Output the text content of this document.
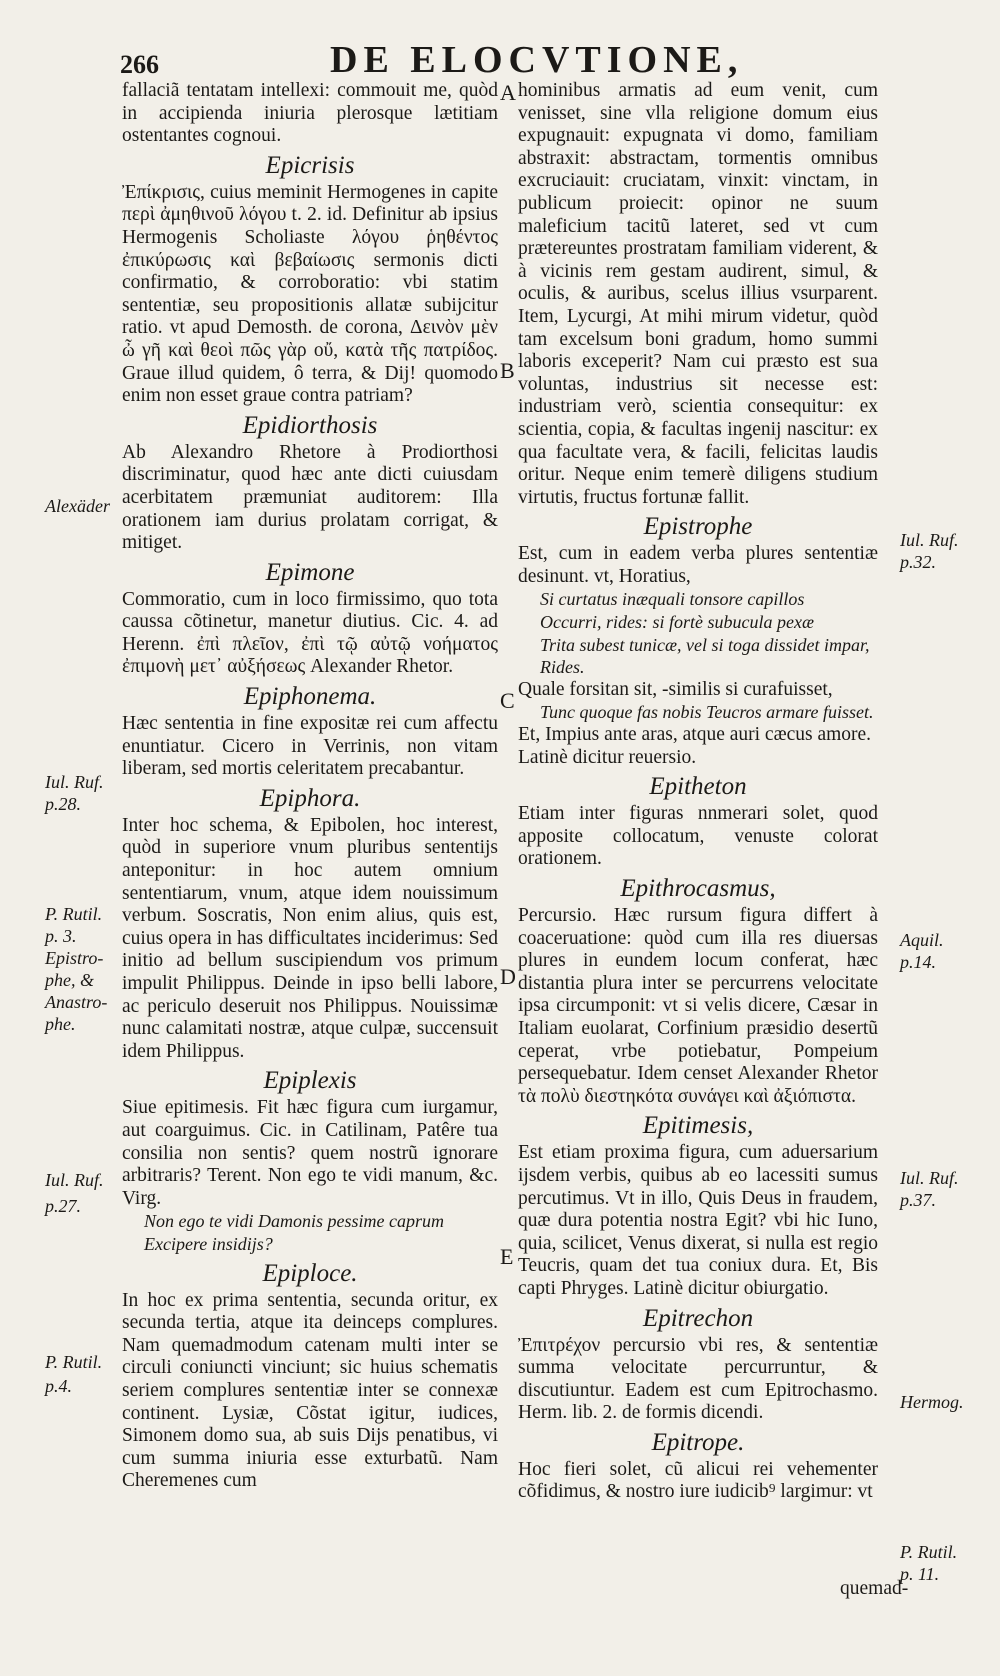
266	DE ELOCVTIONE,

fallaciã tentatam intellexi: commouit me, quòd in accipienda iniuria plerosque lætitiam ostentantes cognoui.

Epicrisis

Ἐπίκρισις, cuius meminit Hermogenes in capite περὶ ἀμηθινοῦ λόγου t. 2. id. Definitur ab ipsius Hermogenis Scholiaste λόγου ῥηθέντος ἐπικύρωσις καὶ βεβαίωσις sermonis dicti confirmatio, & corroboratio: vbi statim sententiæ, seu propositionis allatæ subijcitur ratio. vt apud Demosth. de corona, Δεινὸν μὲν ὦ γῆ καὶ θεοὶ πῶς γὰρ οὔ, κατὰ τῆς πατρίδος. Graue illud quidem, ô terra, & Dij! quomodo enim non esset graue contra patriam?

Epidiorthosis

Ab Alexandro Rhetore à Prodiorthosi discriminatur, quod hæc ante dicti cuiusdam acerbitatem præmuniat auditorem: Illa orationem iam durius prolatam corrigat, & mitiget.

Epimone

Commoratio, cum in loco firmissimo, quo tota caussa cõtinetur, manetur diutius. Cic. 4. ad Herenn. ἐπὶ πλεῖον, ἐπὶ τῷ αὐτῷ νοήματος ἐπιμονὴ μετ᾽ αὐξήσεως Alexander Rhetor.

Epiphonema.

Hæc sententia in fine expositæ rei cum affectu enuntiatur. Cicero in Verrinis, non vitam liberam, sed mortis celeritatem precabantur.

Epiphora.

Inter hoc schema, & Epibolen, hoc interest, quòd in superiore vnum pluribus sententijs anteponitur: in hoc autem omnium sententiarum, vnum, atque idem nouissimum verbum. Soscratis, Non enim alius, quis est, cuius opera in has difficultates inciderimus: Sed initio ad bellum suscipiendum vos primum impulit Philippus. Deinde in ipso belli labore, ac periculo deseruit nos Philippus. Nouissimæ nunc calamitati nostræ, atque culpæ, succensuit idem Philippus.

Epiplexis

Siue epitimesis. Fit hæc figura cum iurgamur, aut coarguimus. Cic. in Catilinam, Patêre tua consilia non sentis? quem nostrũ ignorare arbitraris? Terent. Non ego te vidi manum, &c. Virg.

Non ego te vidi Damonis pessime caprum

Excipere insidijs?

Epiploce.

In hoc ex prima sententia, secunda oritur, ex secunda tertia, atque ita deinceps complures. Nam quemadmodum catenam multi inter se circuli coniuncti vinciunt; sic huius schematis seriem complures sententiæ inter se connexæ continent. Lysiæ, Cõstat igitur, iudices, Simonem domo sua, ab suis Dijs penatibus, vi cum summa iniuria esse exturbatũ. Nam Cheremenes cum

hominibus armatis ad eum venit, cum venisset, sine vlla religione domum eius expugnauit: expugnata vi domo, familiam abstraxit: abstractam, tormentis omnibus excruciauit: cruciatam, vinxit: vinctam, in publicum proiecit: opinor ne suum maleficium tacitũ lateret, sed vt cum prætereuntes prostratam familiam viderent, & à vicinis rem gestam audirent, simul, & oculis, & auribus, scelus illius vsurparent. Item, Lycurgi, At mihi mirum videtur, quòd tam excelsum boni gradum, homo summi laboris exceperit? Nam cui præsto est sua voluntas, industrius sit necesse est: industriam verò, scientia consequitur: ex scientia, copia, & facultas ingenij nascitur: ex qua facultate vera, & facili, felicitas laudis oritur. Neque enim temerè diligens studium virtutis, fructus fortunæ fallit.

Epistrophe

Est, cum in eadem verba plures sententiæ desinunt. vt, Horatius,

Si curtatus inæquali tonsore capillos

Occurri, rides: si fortè subucula pexæ

Trita subest tunicæ, vel si toga dissidet impar,

Rides.

Quale forsitan sit, -similis si curafuisset,

Tunc quoque fas nobis Teucros armare fuisset.

Et, Impius ante aras, atque auri cæcus amore.

Latinè dicitur reuersio.

Epitheton

Etiam inter figuras nnmerari solet, quod apposite collocatum, venuste colorat orationem.

Epithrocasmus,

Percursio. Hæc rursum figura differt à coaceruatione: quòd cum illa res diuersas plures in eundem locum conferat, hæc distantia plura inter se percurrens velocitate ipsa circumponit: vt si velis dicere, Cæsar in Italiam euolarat, Corfinium præsidio desertũ ceperat, vrbe potiebatur, Pompeium persequebatur. Idem censet Alexander Rhetor τὰ πολὺ διεστηκότα συνάγει καὶ ἀξιόπιστα.

Epitimesis,

Est etiam proxima figura, cum aduersarium ijsdem verbis, quibus ab eo lacessiti sumus percutimus. Vt in illo, Quis Deus in fraudem, quæ dura potentia nostra Egit? vbi hic Iuno, quia, scilicet, Venus dixerat, si nulla est regio Teucris, quam det tua coniux dura. Et, Bis capti Phryges. Latinè dicitur obiurgatio.

Epitrechon

Ἐπιτρέχον percursio vbi res, & sententiæ summa velocitate percurruntur, & discutiuntur. Eadem est cum Epitrochasmo. Herm. lib. 2. de formis dicendi.

Epitrope.

Hoc fieri solet, cũ alicui rei vehementer cõfidimus, & nostro iure iudicib⁹ largimur: vt

A
B
C
D
E
Alexäder
Iul. Ruf.
p.28.
P. Rutil.
p. 3.
Epistro-
phe, &
Anastro-
phe.
Iul. Ruf.
p.27.
P. Rutil.
p.4.
Iul. Ruf.
p.32.
Aquil.
p.14.
Iul. Ruf.
p.37.
Hermog.
P. Rutil.
p. 11.
quemad-
